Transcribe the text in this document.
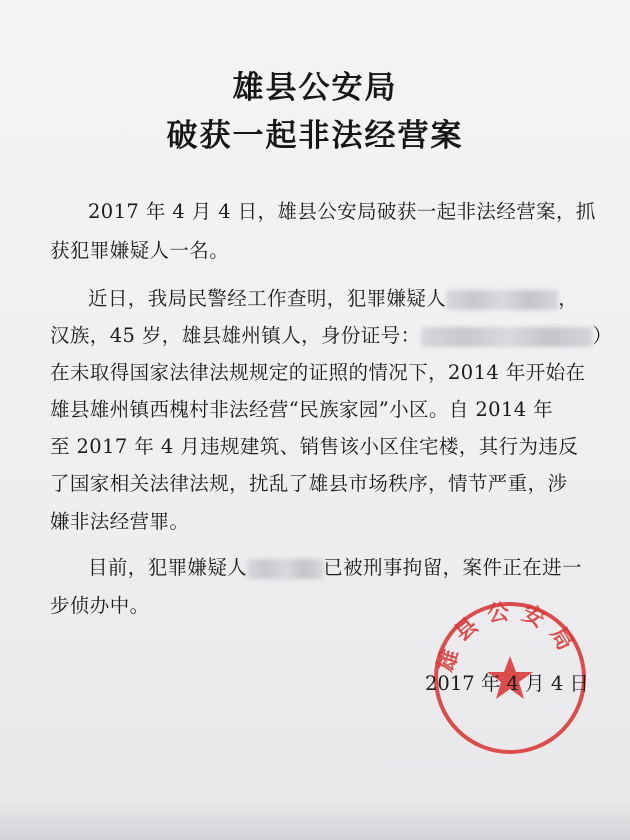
雄县公安局
破获一起非法经营案
2017 年 4 月 4 日，雄县公安局破获一起非法经营案，抓
获犯罪嫌疑人一名。
近日，我局民警经工作查明，犯罪嫌疑人	，
汉族，45 岁，雄县雄州镇人，身份证号：	）
在未取得国家法律法规规定的证照的情况下，2014 年开始在
雄县雄州镇西槐村非法经营“民族家园”小区。自 2014 年
至 2017 年 4 月违规建筑、销售该小区住宅楼，其行为违反
了国家相关法律法规，扰乱了雄县市场秩序，情节严重，涉
嫌非法经营罪。
目前，犯罪嫌疑人	已被刑事拘留，案件正在进一
步侦办中。
雄县公安局
2017 年 4 月 4 日
